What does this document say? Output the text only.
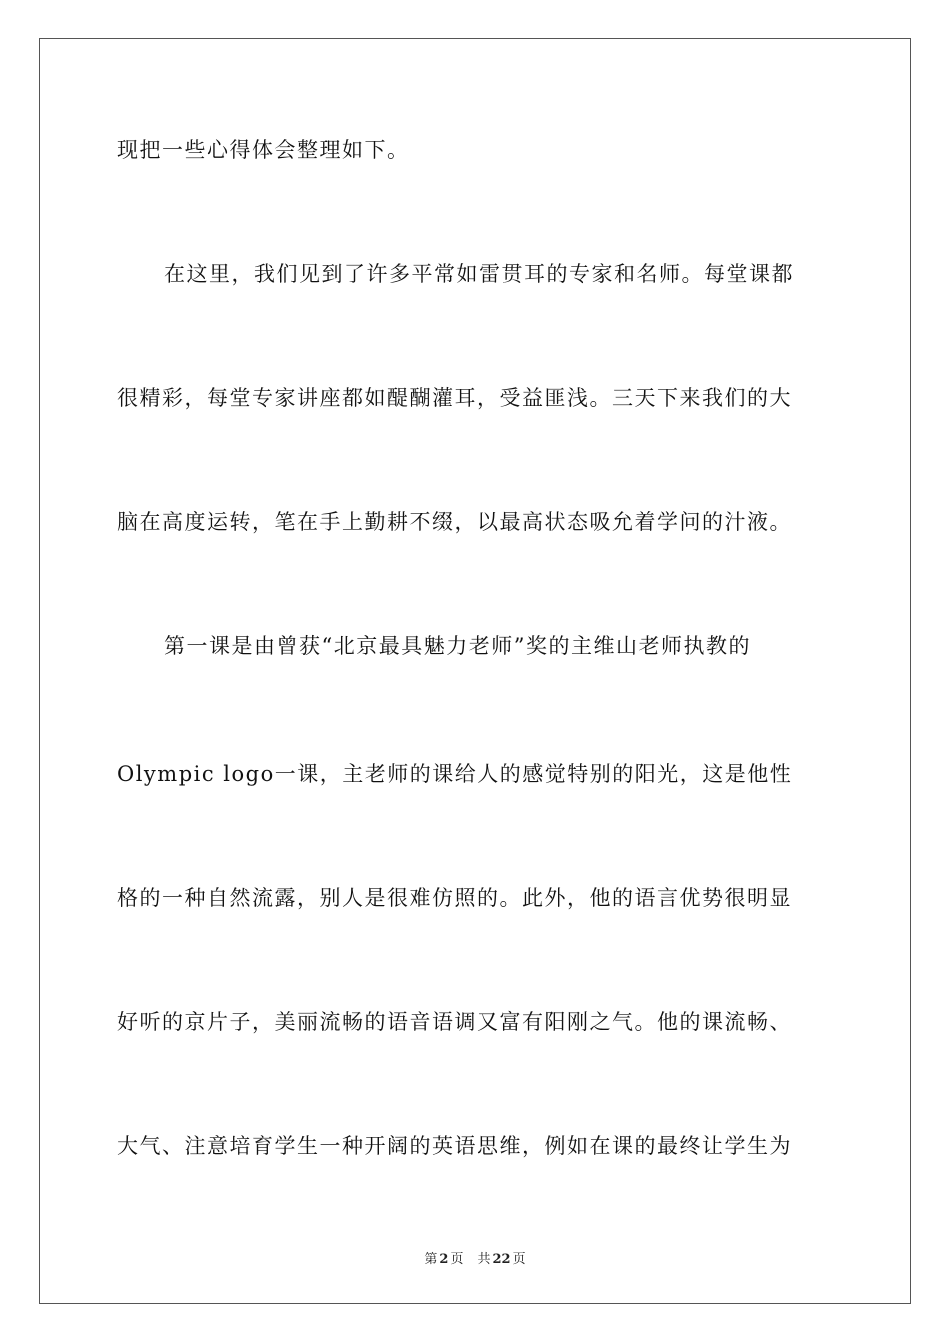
现把一些心得体会整理如下。
在这里，我们见到了许多平常如雷贯耳的专家和名师。每堂课都
很精彩，每堂专家讲座都如醍醐灌耳，受益匪浅。三天下来我们的大
脑在高度运转，笔在手上勤耕不缀，以最高状态吸允着学问的汁液。
第一课是由曾获“北京最具魅力老师”奖的主维山老师执教的
Olympic logo一课，主老师的课给人的感觉特别的阳光，这是他性
格的一种自然流露，别人是很难仿照的。此外，他的语言优势很明显
好听的京片子，美丽流畅的语音语调又富有阳刚之气。他的课流畅、
大气、注意培育学生一种开阔的英语思维，例如在课的最终让学生为
第 2 页 共 22 页
